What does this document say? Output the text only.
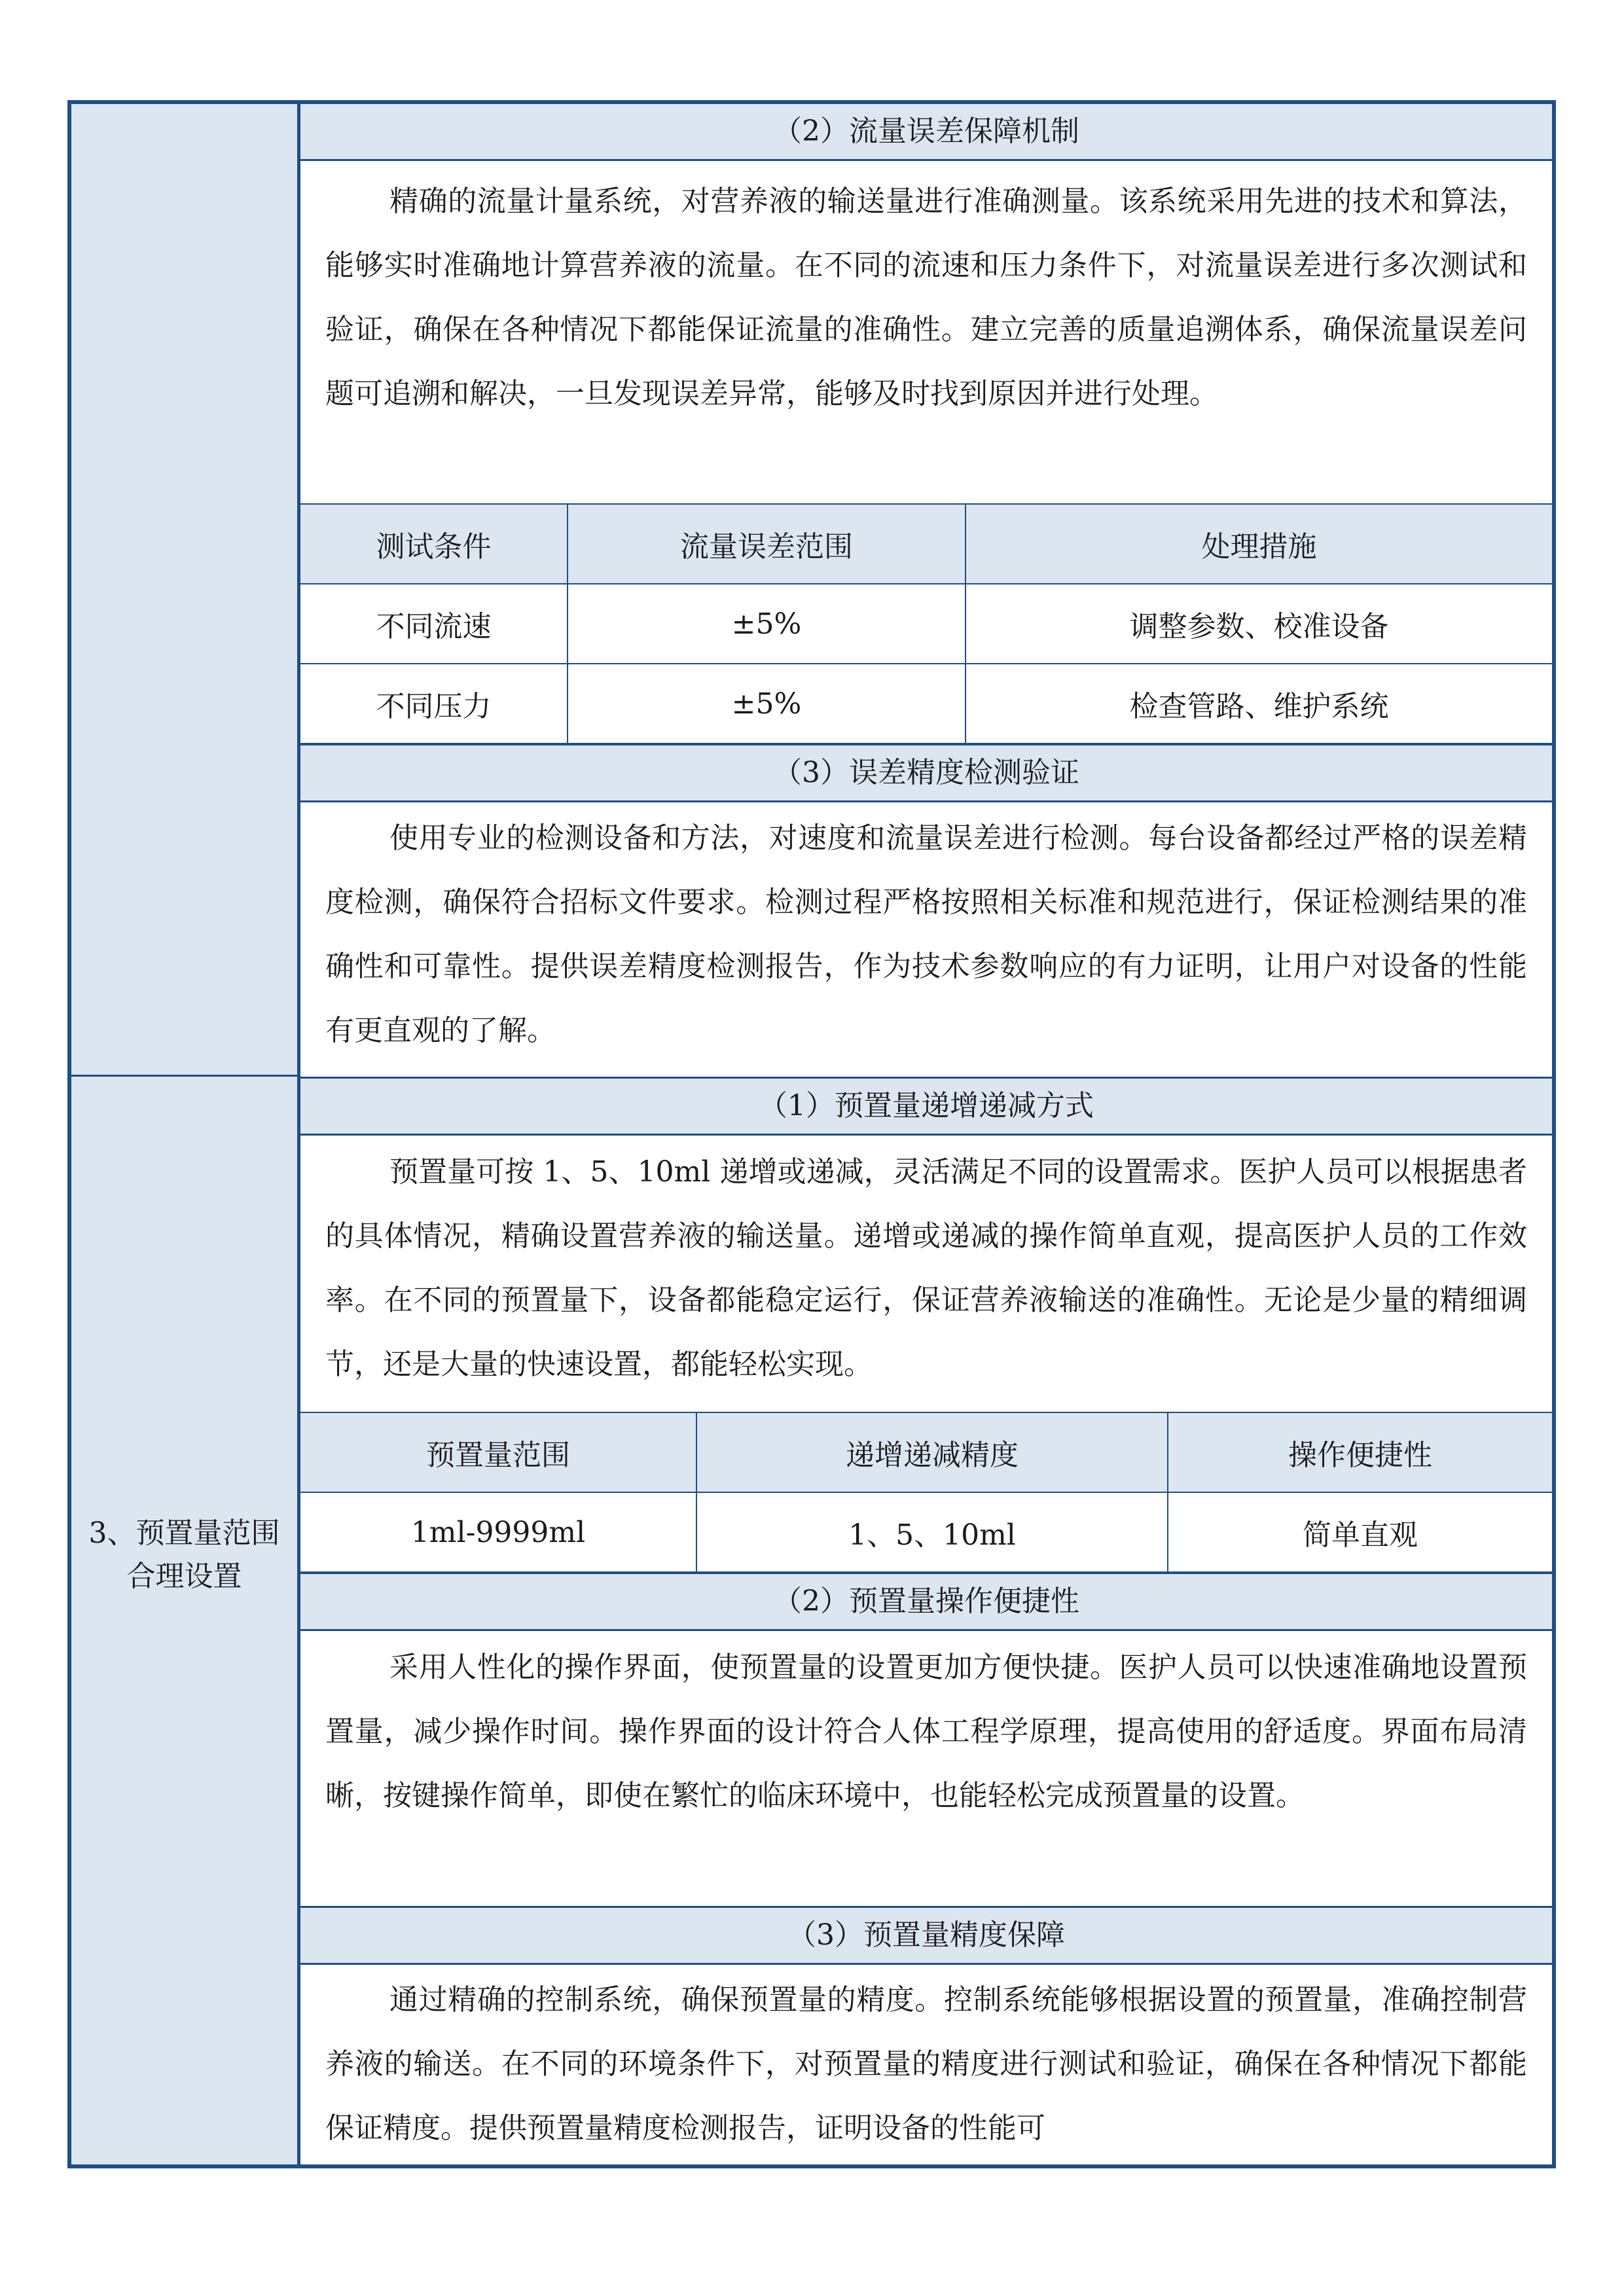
3、预置量范围合理设置
（2）流量误差保障机制

精确的流量计量系统，对营养液的输送量进行准确测量。该系统采用先进的技术和算法，能够实时准确地计算营养液的流量。在不同的流速和压力条件下，对流量误差进行多次测试和验证，确保在各种情况下都能保证流量的准确性。建立完善的质量追溯体系，确保流量误差问题可追溯和解决，一旦发现误差异常，能够及时找到原因并进行处理。

测试条件	流量误差范围	处理措施
不同流速	±5%	调整参数、校准设备
不同压力	±5%	检查管路、维护系统
（3）误差精度检测验证

使用专业的检测设备和方法，对速度和流量误差进行检测。每台设备都经过严格的误差精度检测，确保符合招标文件要求。检测过程严格按照相关标准和规范进行，保证检测结果的准确性和可靠性。提供误差精度检测报告，作为技术参数响应的有力证明，让用户对设备的性能有更直观的了解。

（1）预置量递增递减方式

预置量可按 1、5、10ml 递增或递减，灵活满足不同的设置需求。医护人员可以根据患者的具体情况，精确设置营养液的输送量。递增或递减的操作简单直观，提高医护人员的工作效率。在不同的预置量下，设备都能稳定运行，保证营养液输送的准确性。无论是少量的精细调节，还是大量的快速设置，都能轻松实现。

预置量范围	递增递减精度	操作便捷性
1ml-9999ml	1、5、10ml	简单直观
（2）预置量操作便捷性

采用人性化的操作界面，使预置量的设置更加方便快捷。医护人员可以快速准确地设置预置量，减少操作时间。操作界面的设计符合人体工程学原理，提高使用的舒适度。界面布局清晰，按键操作简单，即使在繁忙的临床环境中，也能轻松完成预置量的设置。

（3）预置量精度保障

通过精确的控制系统，确保预置量的精度。控制系统能够根据设置的预置量，准确控制营养液的输送。在不同的环境条件下，对预置量的精度进行测试和验证，确保在各种情况下都能保证精度。提供预置量精度检测报告，证明设备的性能可
